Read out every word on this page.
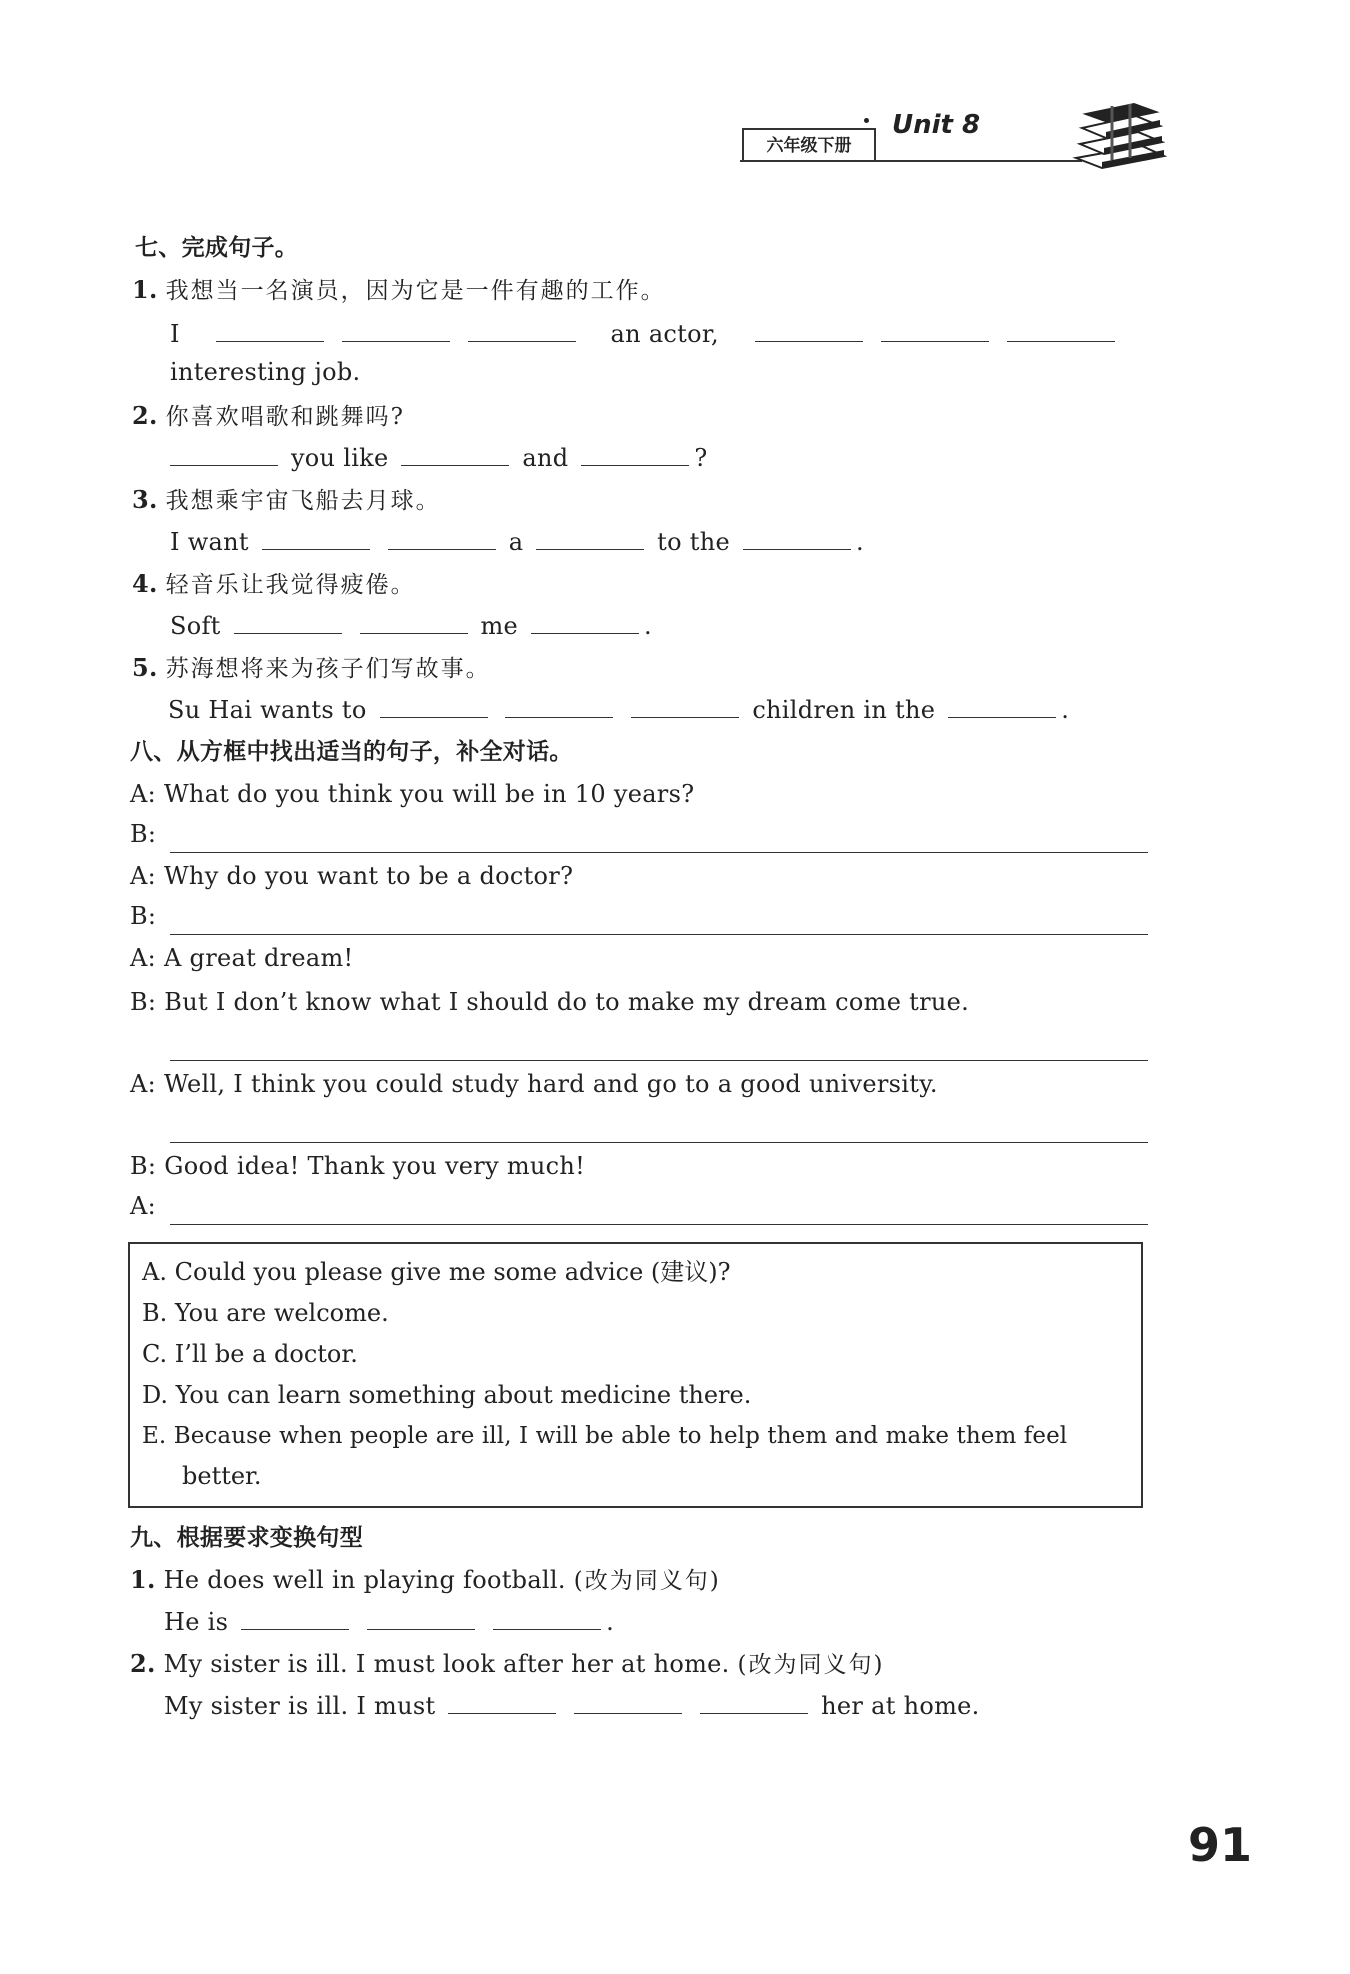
六年级下册
Unit 8
七、完成句子。
1. 我想当一名演员，因为它是一件有趣的工作。
I	an actor,
interesting job.
2. 你喜欢唱歌和跳舞吗?
you like	and	?
3. 我想乘宇宙飞船去月球。
I want	a	to the	.
4. 轻音乐让我觉得疲倦。
Soft	me	.
5. 苏海想将来为孩子们写故事。
Su Hai wants to	children in the	.
八、从方框中找出适当的句子，补全对话。
A: What do you think you will be in 10 years?
B:
A: Why do you want to be a doctor?
B:
A: A great dream!
B: But I don’t know what I should do to make my dream come true.
A: Well, I think you could study hard and go to a good university.
B: Good idea! Thank you very much!
A:
A. Could you please give me some advice (建议)?
B. You are welcome.
C. I’ll be a doctor.
D. You can learn something about medicine there.
E. Because when people are ill, I will be able to help them and make them feel
better.
九、根据要求变换句型
1. He does well in playing football. (改为同义句)
He is	.
2. My sister is ill. I must look after her at home. (改为同义句)
My sister is ill. I must	her at home.
91
